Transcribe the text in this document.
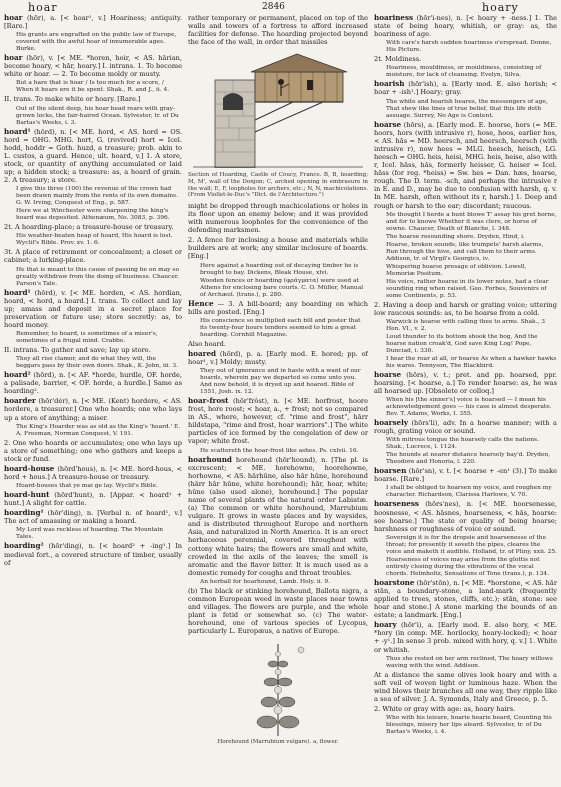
hoar	2846	hoary
hoar (hōr), a. [< hoar¹, v.] Hoariness; antiquity. [Rare.]
His grants are engrafted on the public law of Europe, covered with the awful hoar of innumerable ages. Burke.
hoar (hōr), v. [< ME. *horen, hoir, < AS. hārian, become hoary, < hār, hoary.] I. intrans. 1. To become white or hoar. — 2. To become moldy or musty.
But a hare that is hoar / Is too much for a score, / When it hoars ere it be spent. Shak., R. and J., ii. 4.
II. trans. To make white or hoary. [Rare.]
Out of the silent deep, his hoar head rears with gray-grown locks, the fair-haired Ocean. Sylvester, tr. of Du Bartas's Weeks, i. 3.
hoard¹ (hōrd), n. [< ME. hord, < AS. hord = OS. hord = OHG. MHG. hort, G. (revived) hort = Icel. hodd, hoddr = Goth. huzd, a treasure; prob. akin to L. custos, a guard. Hence, ult. hoard, v.] 1. A store, stock, or quantity of anything accumulated or laid up; a hidden stock; a treasure: as, a hoard of grain. 2. A treasury; a store.
I give this three (100) the revenue of the crown had been drawn mainly from the rents of its own domains. G. W. Irving, Conquest of Eng., p. 587.
Here we at Winchester were sharpening the king's hoard was deposited. Athenæum, No. 3083, p. 396.
2t. A hoarding-place; a treasure-house or treasury.
His weather-beaten heap of hoard, His hoard is lost. Wyclif's Bible. Prov. xv. 1. 6.
3t. A place of retirement or concealment; a closet or cabinet; a lurking-place.
He that is meant to this cause of passing he on may so greatly withdraw from the doing of business. Chaucer. Parson's Tale.
hoard¹ (hōrd), v. [< ME. horden, < AS. hordian, hoard, < hord, a hoard.] I. trans. To collect and lay up; amass and deposit in a secret place for preservation or future use; store secretly: as, to hoard money.
Remember, to hoard, is sometimes of a miser's, sometimes of a frugal mind. Crabbe.
II. intrans. To gather and save; lay up store.
They all rise clamor, and do what they will, the beggars pass by their own doors. Shak., K. John, iii. 3.
hoard² (hōrd), n. [< AF. *horde, hurdle, OF. horde, a palisade, barrier, < OF. horde, a hurdle.] Same as hoarding².
hoarder (hōr'dėr), n. [< ME. (Kent) hordere, < AS. hordere, a treasurer.] One who hoards; one who lays up a store of anything; a miser.
The King's Hoarder was as old as the King's 'hoard.' E. A. Freeman, Norman Conquest, V. 191.
2. One who hoards or accumulates; one who lays up a store of something; one who gathers and keeps a stock or fund.
hoard-house (hōrd'hous), n. [< ME. hord-hous, < hord + hous.] A treasure-house or treasury.
Hoard-houses that ye mai ge lay. Wyclif's Bible.
hoard-hunt (hōrd'hunt), n. [Appar. < hoard¹ + hunt.] A slight for cattle.
hoarding¹ (hōr'ding), n. [Verbal n. of hoard¹, v.] The act of amassing or making a hoard.
My Lord was reckless of hoarding. The Mountain Tales.
hoarding² (hōr'ding), n. [< hoard² + -ing¹.] In medieval fort., a covered structure of timber, usually of
rather temporary or permanent, placed on top of the walls and towers of a fortress to afford increased facilities for defense. The hoarding projected beyond the face of the wall, in order that missiles
Section of Hoarding, Castle of Coucy, France. B, B, hoarding; M, M', wall of the Donjon; C, arched opening in embrasure in the wall; E, F, loopholes for archers, etc.; N, N, machicolations. (From Viollet-le-Duc's "Dict. de l'Architecture.")
might be dropped through machicolations or holes in its floor upon an enemy below; and it was provided with numerous loopholes for the convenience of the defending marksmen.
2. A fence for inclosing a house and materials while builders are at work; any similar inclosure of boards. [Eng.]
Here against a hoarding out of decaying timber he is brought to bay. Dickens, Bleak House, xlvi.
Wooden fences or hoarding (φράγματα) were used at Athens for enclosing bare courts. C. O. Müller, Manual of Archæol. (trans.), p. 280.
Hence — 3. A bill-board; any boarding on which bills are posted. [Eng.]
His conscience so multiplied each bill and poster that its twenty-four hours tenders seemed to him a great hoarding. Cornhill Magazine.
Also hoard.
hoared (hōrd), p. a. [Early mod. E. hored; pp. of hoar¹, v.] Moldy; musty.
They out of ignorance and in haste with a want of our hoards, wherein pay we departed so come unto you. And now behold, it is dryed up and hoared. Bible of 1551, Josh. ix. 12.
hoar-frost (hōr'frôst), n. [< ME. horfrost, hoore frost, hore roost; < hoar, a., + frost; not so compared in AS., where, however, cf. "rime and frost", hārr hildstapa, "rime and frost, hoar warriors".] The white particles of ice formed by the congelation of dew or vapor; white frost.
He scattereth the hoar-frost like ashes. Ps. cxlvii. 16.
hoarhound horehound (hōr'hound), n. [The pl. is excrescent; < ME. horehowne, hoorehowne, horhowne, < AS. hārhūne, also hār hūne, horehound (hārr hār hūne, white horehound); hār, hoar, white; hūne (also used alone), horehound.] The popular name of several plants of the natural order Labiatæ. (a) The common or white horehound, Marrubium vulgare. It grows in waste places and by waysides, and is distributed throughout Europe and northern Asia, and naturalized in North America. It is an erect herbaceous perennial, covered throughout with cottony white hairs; the flowers are small and white, crowded in the axils of the leaves; the smell is aromatic and the flavor bitter. It is much used as a domestic remedy for coughs and throat troubles.
An herball for hoarhound, Lamb. Holy. ii. 9.
(b) The black or stinking horehound, Ballota nigra, a common European weed in waste places near towns and villages. The flowers are purple, and the whole plant is fetid or somewhat so. (c) The water-horehound, one of various species of Lycopus, particularly L. Europæus, a native of Europe.
Horehound (Marrubium vulgare). a, flower.
hoariness (hōr'i-nes), n. [< hoary + -ness.] 1. The state of being hoary, whitish, or gray: as, the hoariness of age.
With care's harsh sudden hoariness o'erspread. Donne, His Picture.
2t. Moldiness.
Hoariness, mouldiness, or mouldiness, consisting of moisture, for lack of cleansing. Evelyn, Silva.
hoarish (hōr'ish), a. [Early mod. E. also horish; < hoar + -ish¹.] Hoary; gray.
The white and hoarish heares, the messengers of age, That shew like lines of true belief, that this life doth assuage. Surrey, No Age is Content.
hoarse (hōrs), a. [Early mod. E. hoorse, hors (= ME. hoors, hors (with intrusive r), hose, hoos, earlier hos, < AS. hās = MD. heersch, and heersch, heersch (with intrusive r), now hees = MLG. heesch, heisch, LG. heesch = OHG. heis, heisi, MHG. heis, heise, also with r, Icel. hāss, hās, formerly heisser, G. heiser = Icel. hāss (for reg. *heiss) = Sw. hes = Dan. hæs, hoarse, rough. The D. term. -sch, and perhaps the intrusive r in E. and D., may be due to confusion with harsh, q. v. In ME. harsh, often without its r, harsh.] 1. Deep and rough or harsh to the ear; discordant; raucous.
Me thought I herde a hunt blowe T' assay his gret horne, and for to knowe Whether it was clere, or horse of sowne. Chaucer, Death of Blanche, l. 348.
The hoarse resounding shore. Dryden, Hind, i.
Hoarse, broken sounds, like trumpets' harsh alarms, Run through the hive, and call them to their arms. Addison, tr. of Virgil's Georgics, iv.
Whispering hoarse presage of oblivion. Lowell, Memoriæ Positum.
His voice, rather hoarse in its lower notes, had a clear sounding ring when raised. Geo. Forbes, Souvenirs of some Continents, p. 53.
2. Having a deep and harsh or grating voice; uttering low raucous sounds: as, to be hoarse from a cold.
Warwick is hoarse with calling thee to arms. Shak., 3 Hen. VI., v. 2.
Loud thunder to its bottom shook the bog, And the hoarse nation croak'd, God save King Log! Pope, Dunciad, i. 330.
I hear the roar at all, or hoarse As when a hawker hawks his wares. Tennyson, The Blackbird.
hoarse (hōrs), v. t.; pret. and pp. hoarsed, ppr. hoarsing. [< hoarse, a.] To render hoarse: as, he was all hoarsed up. [Obsolete or colloq.]
When his [the sinner's] voice is hoarsed — I mean his acknowledgement goes — his case is almost desperate. Rev. T. Adams, Works, I. 355.
hoarsely (hōrs'li), adv. In a hoarse manner; with a rough, grating voice or sound.
With mitrous tongue the hoarsely calls the nations. Shak., Lucrece, l. 1124.
The hounds at nearer distance hoarsely bay'd. Dryden, Theodore and Honoria, l. 220.
hoarsen (hōr'sn), v. t. [< hoarse + -en¹ (3).] To make hoarse. [Rare.]
I shall be obliged to hoarsen my voice, and roughen my character. Richardson, Clarissa Harlowe, V. 70.
hoarseness (hōrs'nes), n. [< ME. hoorsenesse, hoosnesse, < AS. hāsnes, hoarseness, < hās, hoarse: see hoarse.] The state or quality of being hoarse; harshness or roughness of voice or sound.
Sovereign it is for the dropsie and hoarsenesse of the throat; for presently it soveth the pipes, cleares the voice and maketh it audible. Holland, tr. of Pliny, xxii. 25.
Hoarseness of voices may arise from the glottis not entirely closing during the vibrations of the vocal chords. Helmholtz, Sensations of Tone (trans.), p. 134.
hoarstone (hōr'stōn), n. [< ME. *horstone, < AS. hār stān, a boundary-stone, a land-mark (frequently applied to trees, stones, cliffs, etc.); stān, stone: see hoar and stone.] A stone marking the bounds of an estate; a landmark. [Eng.]
hoary (hōr'i), a. [Early mod. E. also hory, < ME. *hory (in comp. ME. horilocky, hoary-locked); < hoar + -y¹.] In sense 3 prob. mixed with hory, q. v.] 1. White or whitish.
Thus she rested on her arm reclined, The hoary willows waving with the wind. Addison.
At a distance the same olives look hoary and with a soft veil of woven light or luminous haze. When the wind blows their branches all one way, they ripple like a sea of silver. J. A. Symonds, Italy and Greece, p. 5.
2. White or gray with age: as, hoary hairs.
Who with his leisure, hoarie hearie beard, Counting his blessings, misery her lips aleard. Sylvester, tr. of Du Bartas's Weeks, i. 4.
